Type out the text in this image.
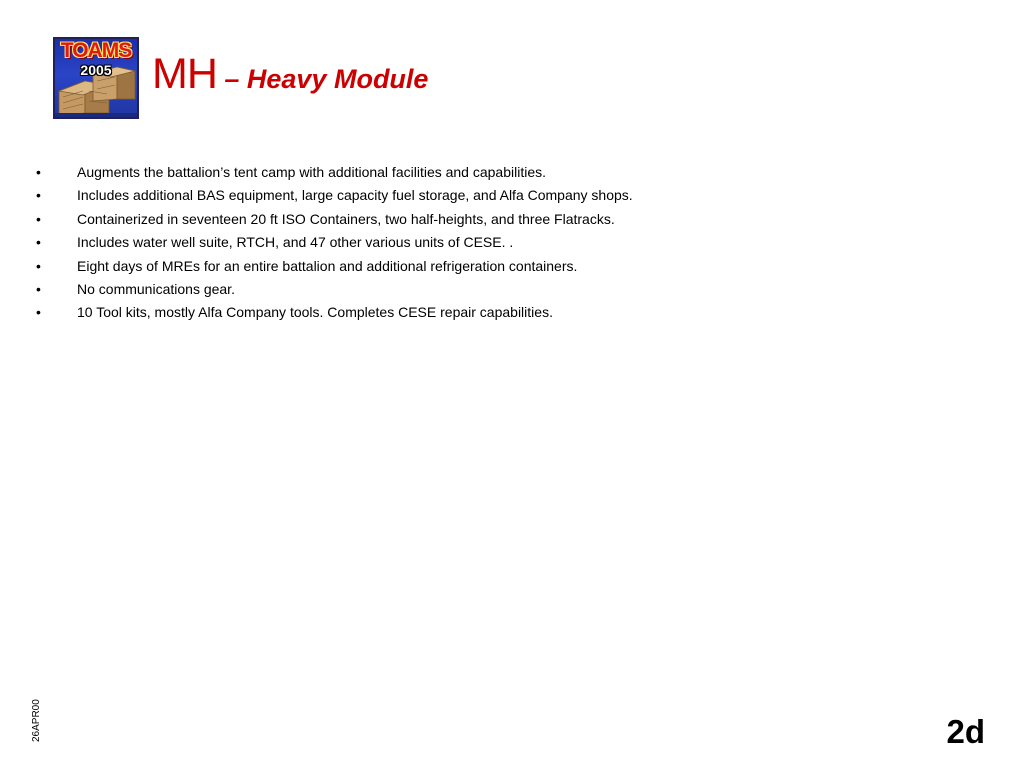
TOAMS
2005 MH – Heavy Module
•	Augments the battalion’s tent camp with additional facilities and capabilities.
•	Includes additional BAS equipment, large capacity fuel storage, and Alfa Company shops.
•	Containerized in seventeen 20 ft ISO Containers, two half-heights, and three Flatracks.
•	Includes water well suite, RTCH, and 47 other various units of CESE. .
•	Eight days of MREs for an entire battalion and additional refrigeration containers.
•	No communications gear.
•	10 Tool kits, mostly Alfa Company tools. Completes CESE repair capabilities.
26APR00	2d
